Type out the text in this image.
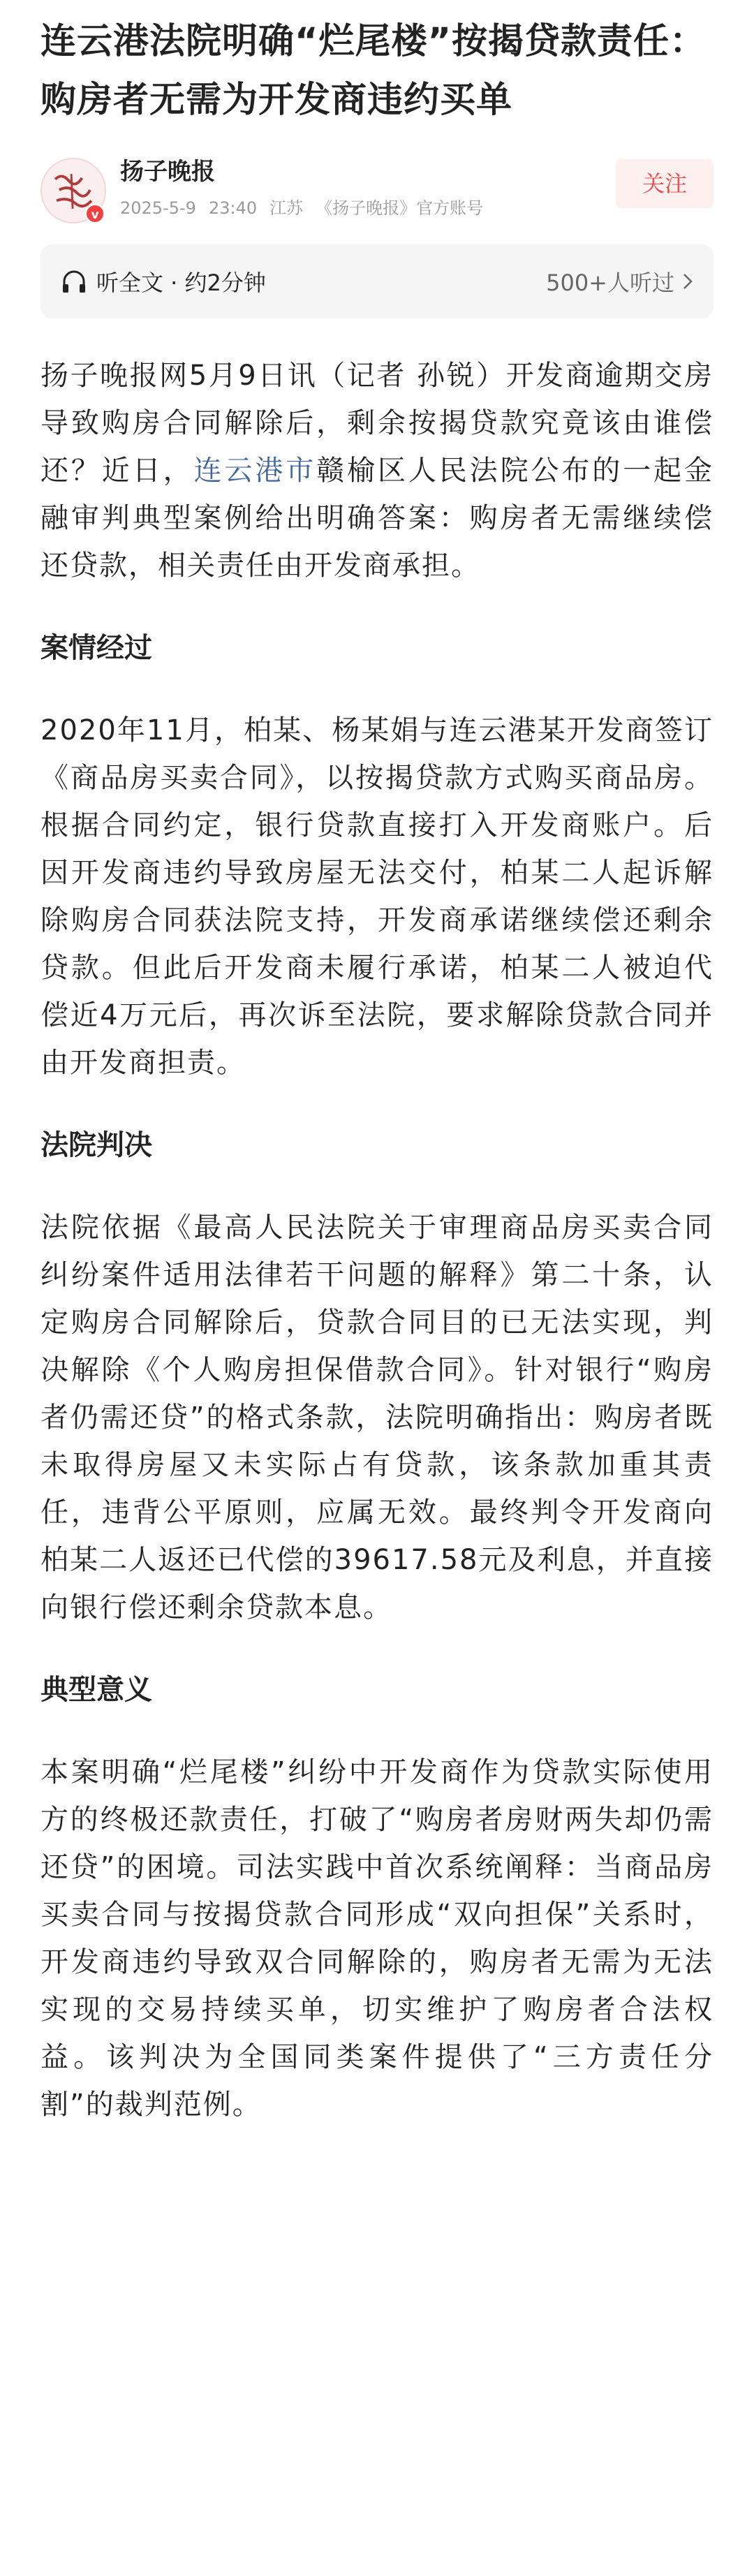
连云港法院明确“烂尾楼”按揭贷款责任：购房者无需为开发商违约买单
v
扬子晚报
2025-5-9 23:40 江苏 《扬子晚报》官方账号
关注
听全文 · 约2分钟	500+人听过

扬子晚报网5月9日讯（记者 孙锐）开发商逾期交房导致购房合同解除后，剩余按揭贷款究竟该由谁偿还？近日，连云港市赣榆区人民法院公布的一起金融审判典型案例给出明确答案：购房者无需继续偿还贷款，相关责任由开发商承担。

案情经过

2020年11月，柏某、杨某娟与连云港某开发商签订《商品房买卖合同》，以按揭贷款方式购买商品房。根据合同约定，银行贷款直接打入开发商账户。后因开发商违约导致房屋无法交付，柏某二人起诉解除购房合同获法院支持，开发商承诺继续偿还剩余贷款。但此后开发商未履行承诺，柏某二人被迫代偿近4万元后，再次诉至法院，要求解除贷款合同并由开发商担责。

法院判决

法院依据《最高人民法院关于审理商品房买卖合同纠纷案件适用法律若干问题的解释》第二十条，认定购房合同解除后，贷款合同目的已无法实现，判决解除《个人购房担保借款合同》。针对银行“购房者仍需还贷”的格式条款，法院明确指出：购房者既未取得房屋又未实际占有贷款，该条款加重其责任，违背公平原则，应属无效。最终判令开发商向柏某二人返还已代偿的39617.58元及利息，并直接向银行偿还剩余贷款本息。

典型意义

本案明确“烂尾楼”纠纷中开发商作为贷款实际使用方的终极还款责任，打破了“购房者房财两失却仍需还贷”的困境。司法实践中首次系统阐释：当商品房买卖合同与按揭贷款合同形成“双向担保”关系时，开发商违约导致双合同解除的，购房者无需为无法实现的交易持续买单，切实维护了购房者合法权益。该判决为全国同类案件提供了“三方责任分割”的裁判范例。
